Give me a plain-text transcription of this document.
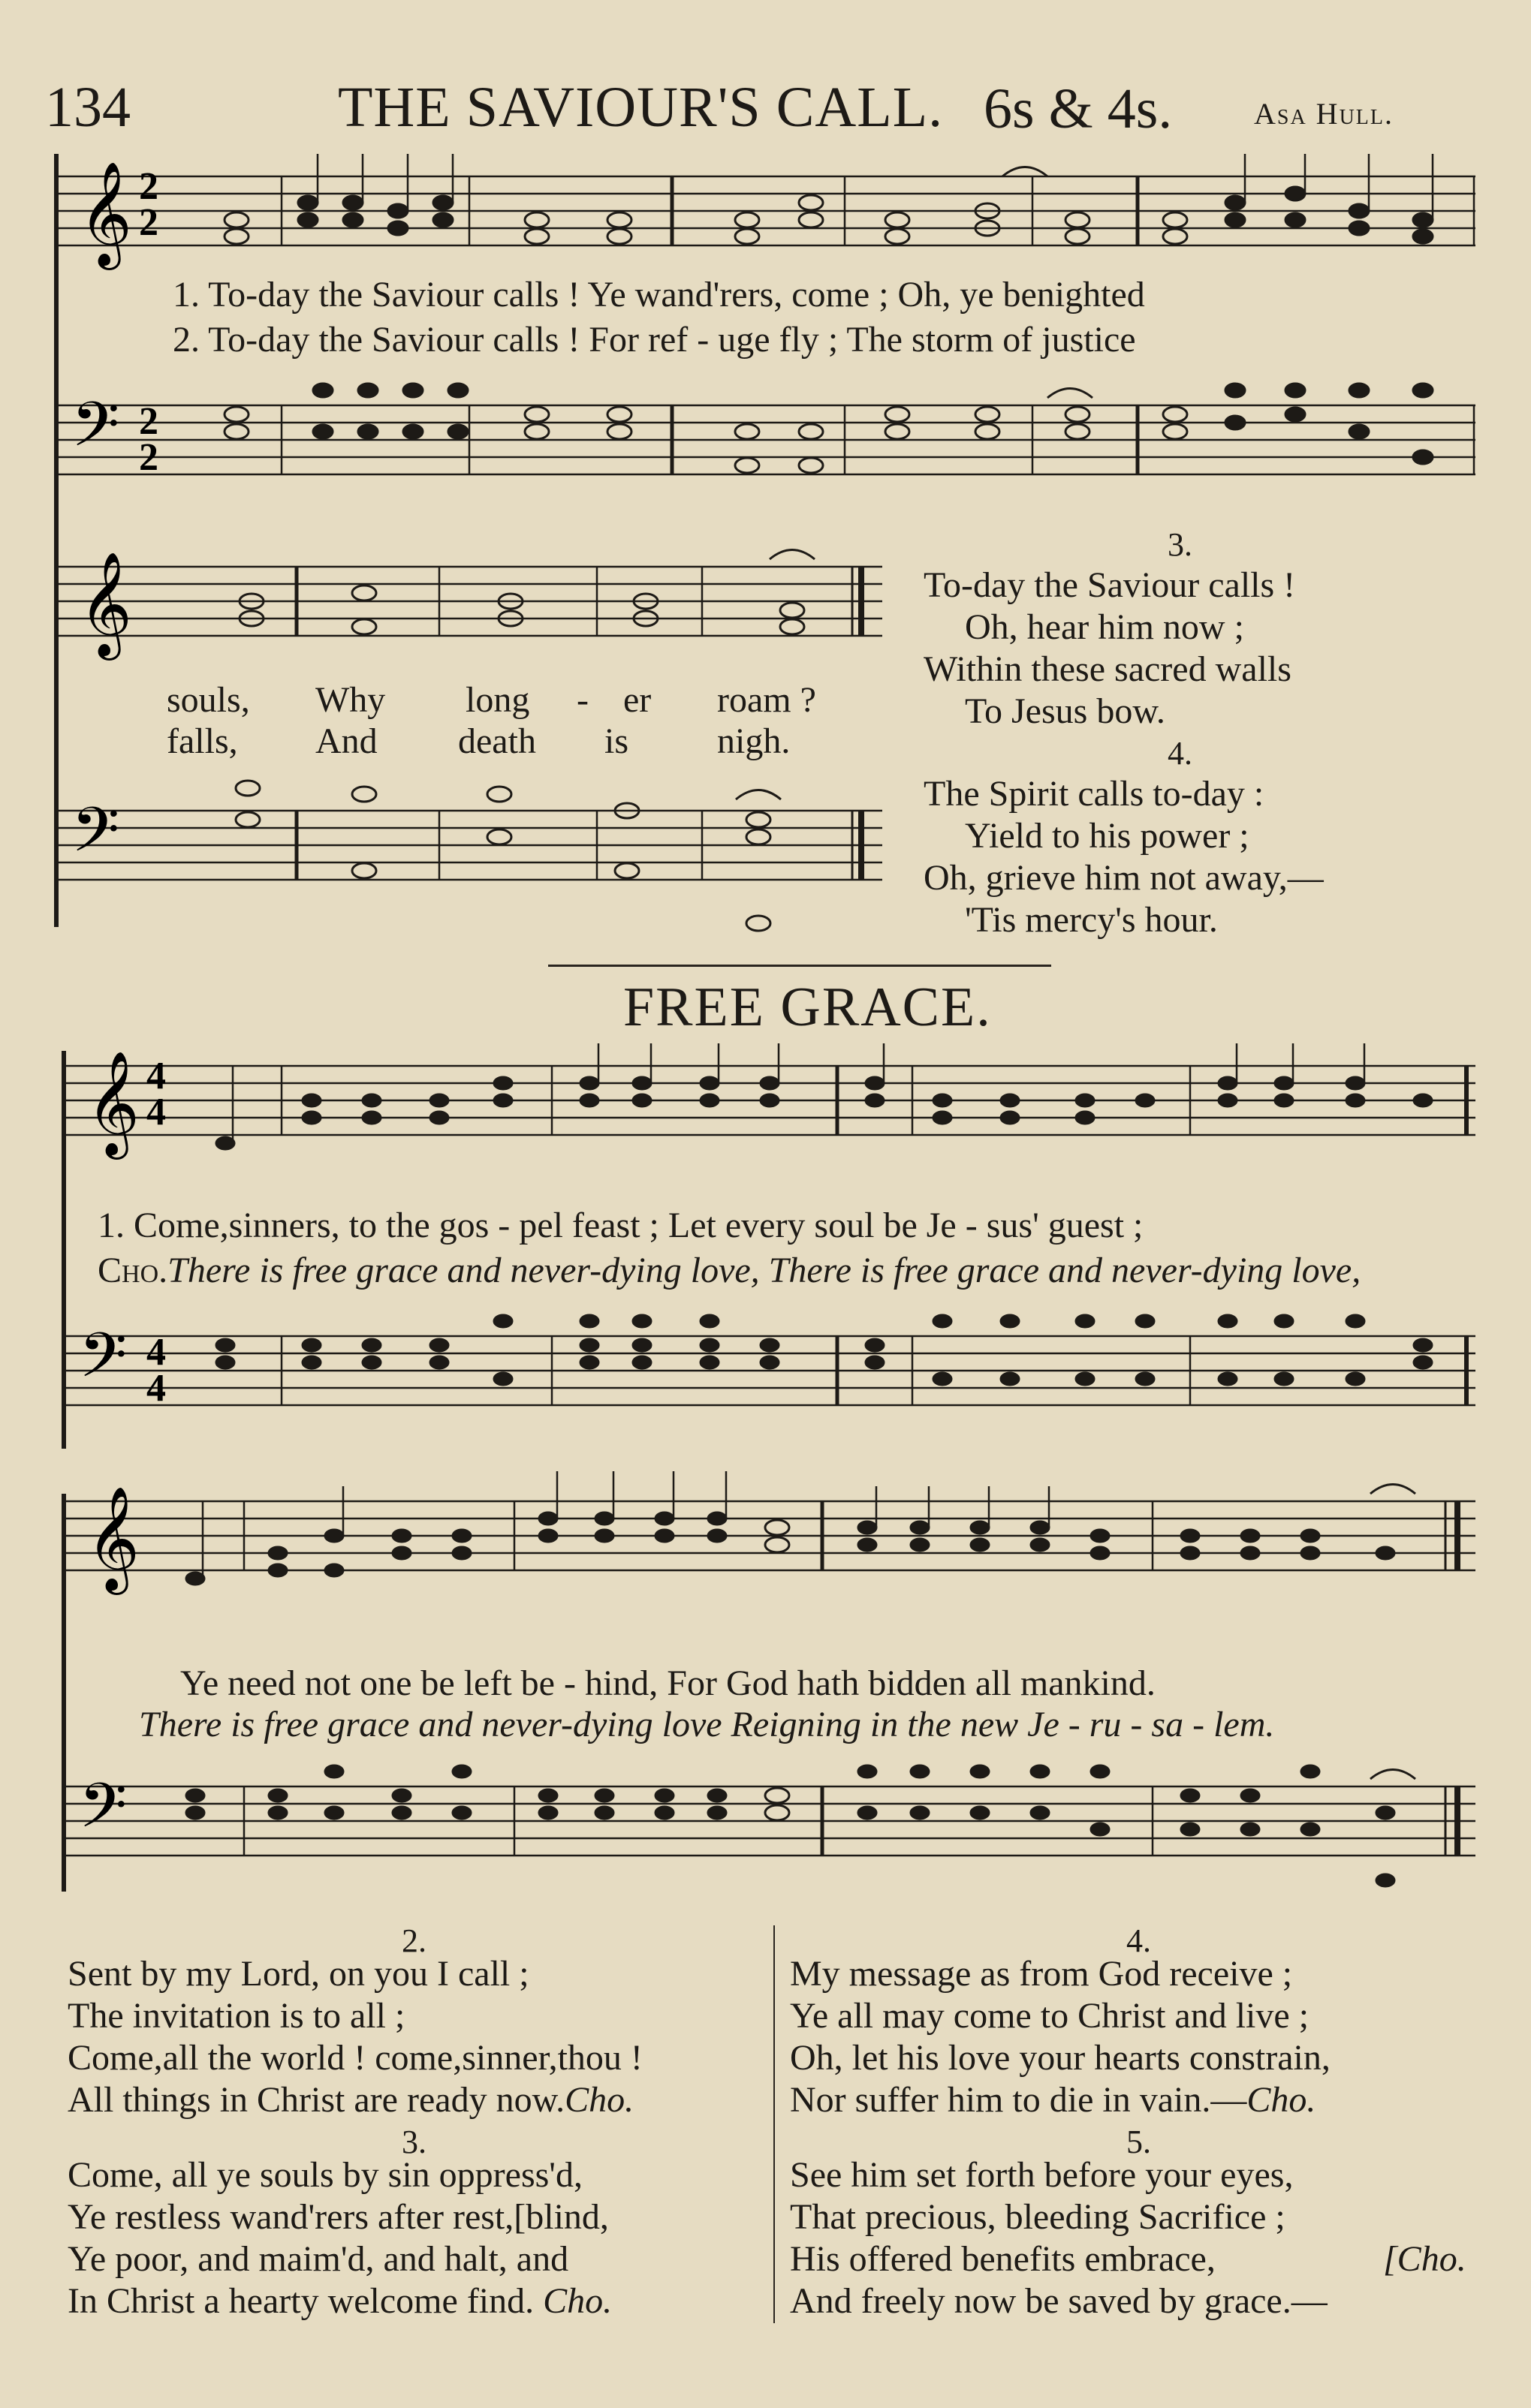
134	THE SAVIOUR'S CALL. 6s & 4s.	Asa Hull.
𝄞 2
2
1. To-day the Saviour calls ! Ye wand'rers, come ; Oh, ye benighted
2. To-day the Saviour calls ! For ref - uge fly ; The storm of justice
𝄢 2
2
𝄞
souls, Why long - er roam ?
falls, And death is nigh.
𝄢
3.
To-day the Saviour calls !
Oh, hear him now ;
Within these sacred walls
To Jesus bow.
4.
The Spirit calls to-day :
Yield to his power ;
Oh, grieve him not away,—
'Tis mercy's hour.
FREE GRACE.
𝄞 4
4
1. Come,sinners, to the gos - pel feast ; Let every soul be Je - sus' guest ;
Cho.There is free grace and never-dying love, There is free grace and never-dying love,
𝄢 4
4
𝄞
Ye need not one be left be - hind, For God hath bidden all mankind.
There is free grace and never-dying love Reigning in the new Je - ru - sa - lem.
𝄢
2.
Sent by my Lord, on you I call ;
The invitation is to all ;
Come,all the world ! come,sinner,thou !
All things in Christ are ready now.Cho.
3.
Come, all ye souls by sin oppress'd,
Ye restless wand'rers after rest,[blind,
Ye poor, and maim'd, and halt, and
In Christ a hearty welcome find. Cho.
4.
My message as from God receive ;
Ye all may come to Christ and live ;
Oh, let his love your hearts constrain,
Nor suffer him to die in vain.—Cho.
5.
See him set forth before your eyes,
That precious, bleeding Sacrifice ;
His offered benefits embrace,	[Cho.
And freely now be saved by grace.—
